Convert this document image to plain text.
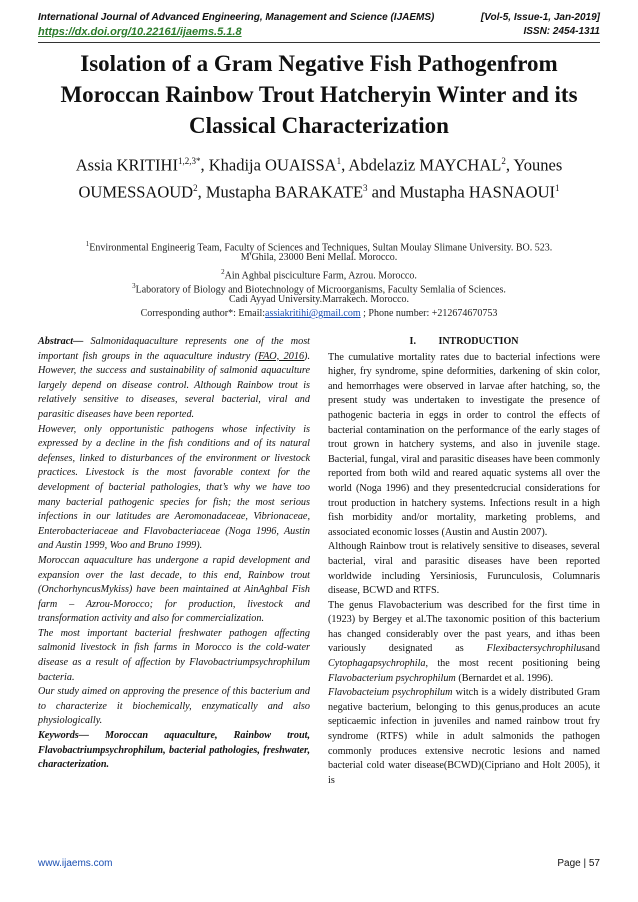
International Journal of Advanced Engineering, Management and Science (IJAEMS)	[Vol-5, Issue-1, Jan-2019]
https://dx.doi.org/10.22161/ijaems.5.1.8	ISSN: 2454-1311
Isolation of a Gram Negative Fish Pathogenfrom Moroccan Rainbow Trout Hatcheryin Winter and its Classical Characterization
Assia $KRITIHI^{1,2,3*}$, Khadija OUAISSA$^1$, Abdelaziz MAYCHAL$^2$, Younes OUMESSAOUD$^2$, Mustapha BARAKATE$^3$ and Mustapha HASNAOUI$^1$
$^1$Environmental Engineerig Team, Faculty of Sciences and Techniques, Sultan Moulay Slimane University. BO. 523.
M'Ghila, 23000 Beni Mellal. Morocco.
$^2$Ain Aghbal pisciculture Farm, Azrou. Morocco.
$^3$Laboratory of Biology and Biotechnology of Microorganisms, Faculty Semlalia of Sciences.
Cadi Ayyad University.Marrakech. Morocco.
Corresponding author*: Email:assiakritihi@gmail.com ; Phone number: +212674670753
Abstract— Salmonidaquaculture represents one of the most important fish groups in the aquaculture industry (FAO, 2016). However, the success and sustainability of salmonid aquaculture largely depend on disease control. Although Rainbow trout is relatively sensitive to diseases, several bacterial, viral and parasitic diseases have been reported.
However, only opportunistic pathogens whose infectivity is expressed by a decline in the fish conditions and of its natural defenses, linked to disturbances of the environment or livestock practices. Livestock is the most favorable context for the development of bacterial pathologies, that’s why we have too many bacterial pathogenic species for fish; the most serious infections in our latitudes are Aeromonadaceae, Vibrionaceae, Enterobacteriaceae and Flavobacteriaceae (Noga 1996, Austin and Austin 1999, Woo and Bruno 1999).
Moroccan aquaculture has undergone a rapid development and expansion over the last decade, to this end, Rainbow trout (OnchorhyncusMykiss) have been maintained at AinAghbal Fish farm – Azrou-Morocco; for production, livestock and transformation activity and also for commercialization.
The most important bacterial freshwater pathogen affecting salmonid livestock in fish farms in Morocco is the cold-water disease as a result of affection by Flavobactriumpsychrophilum bacteria.
Our study aimed on approving the presence of this bacterium and to characterize it biochemically, enzymatically and also physiologically.
Keywords— Moroccan aquaculture, Rainbow trout, Flavobactriumpsychrophilum, bacterial pathologies, freshwater, characterization.
I.         INTRODUCTION
The cumulative mortality rates due to bacterial infections were higher, fry syndrome, spine deformities, darkening of skin color, and hemorrhages were observed in larvae after hatching, so, the present study was undertaken to investigate the presence of pathogenic bacteria in eggs in order to control the effects of bacterial contamination on the performance of the early stages of trout grown in hatchery systems, and also in juvenile stage. Bacterial, fungal, viral and parasitic diseases have been commonly reported from both wild and reared aquatic systems all over the world (Noga 1996) and they presentedcrucial considerations for trout production in hatchery systems. Infections result in a high fish morbidity and/or mortality, marketing problems, and associated economic losses (Austin and Austin 2007).
Although Rainbow trout is relatively sensitive to diseases, several bacterial, viral and parasitic diseases have been reported worldwide including Yersiniosis, Furunculosis, Columnaris disease, BCWD and RTFS.
The genus Flavobacterium was described for the first time in (1923) by Bergey et al.The taxonomic position of this bacterium has changed considerably over the past years, and ithas been variously designated as Flexibactersychrophilusand Cytophagapsychrophila, the most recent positioning being Flavobacterium psychrophilum (Bernardet et al. 1996).
Flavobacteium psychrophilum witch is a widely distributed Gram negative bacterium, belonging to this genus,produces an acute septicaemic infection in juveniles and named rainbow trout fry syndrome (RTFS) while in adult salmonids the pathogen commonly produces extensive necrotic lesions and named bacterial cold water disease(BCWD)(Cipriano and Holt 2005), it is
www.ijaems.com	Page | 57
